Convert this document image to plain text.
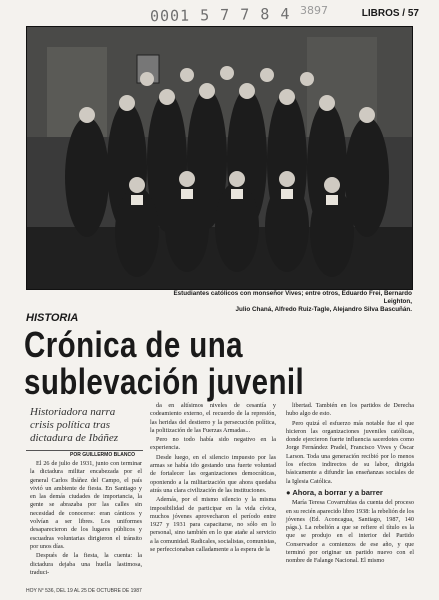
0001 5 7 7 8 4 3897	LIBROS / 57
Estudiantes católicos con monseñor Vives; entre otros, Eduardo Frei, Bernardo Leighton,
Julio Chaná, Alfredo Ruiz-Tagle, Alejandro Silva Bascuñán.
HISTORIA
Crónica de una
sublevación juvenil
Historiadora narra crisis política tras dictadura de Ibáñez
POR GUILLERMO BLANCO

El 26 de julio de 1931, junto con terminar la dictadura militar encabezada por el general Carlos Ibáñez del Campo, el país vivió un ambiente de fiesta. En Santiago y en las demás ciudades de importancia, la gente se abrazaba por las calles sin necesidad de conocerse: eran cánticos y volvían a ser libres. Los uniformes desaparecieron de los lugares públicos y escuadras voluntarias dirigieron el tránsito por unos días.

Después de la fiesta, la cuenta: la dictadura dejaba una huella lastimosa, traduci-

da en altísimos niveles de cesantía y codeamiento externo, el recuerdo de la represión, las heridas del destierro y la persecución política, la politización de las Fuerzas Armadas...

Pero no todo había sido negativo en la experiencia.

Desde luego, en el silencio impuesto por las armas se había ido gestando una fuerte voluntad de fortalecer las organizaciones democráticas, oponiendo a la militarización que ahora quedaba atrás una clara civilización de las instituciones.

Además, por el mismo silencio y la misma imposibilidad de participar en la vida cívica, muchos jóvenes aprovecharon el período entre 1927 y 1931 para capacitarse, no sólo en lo personal, sino también en lo que atañe al servicio a la comunidad. Radicales, socialistas, comunistas, se perfeccionaban calladamente a la espera de la

libertad. También en los partidos de Derecha hubo algo de esto.

Pero quizá el esfuerzo más notable fue el que hicieron las organizaciones juveniles católicas, donde ejercieron fuerte influencia sacerdotes como Jorge Fernández Pradel, Francisco Vives y Óscar Larson. Toda una generación recibió por lo menos los efectos indirectos de su labor, dirigida básicamente a difundir las enseñanzas sociales de la Iglesia Católica.

● Ahora, a borrar y a barrer

María Teresa Covarrubias da cuenta del proceso en su recién aparecido libro 1938: la rebelión de los jóvenes (Ed. Aconcagua, Santiago, 1987, 140 págs.). La rebelión a que se refiere el título es la que se produjo en el interior del Partido Conservador a comienzos de ese año, y que terminó por originar un partido nuevo con el nombre de Falange Nacional. El mismo

HOY N° 536, DEL 19 AL 25 DE OCTUBRE DE 1987
